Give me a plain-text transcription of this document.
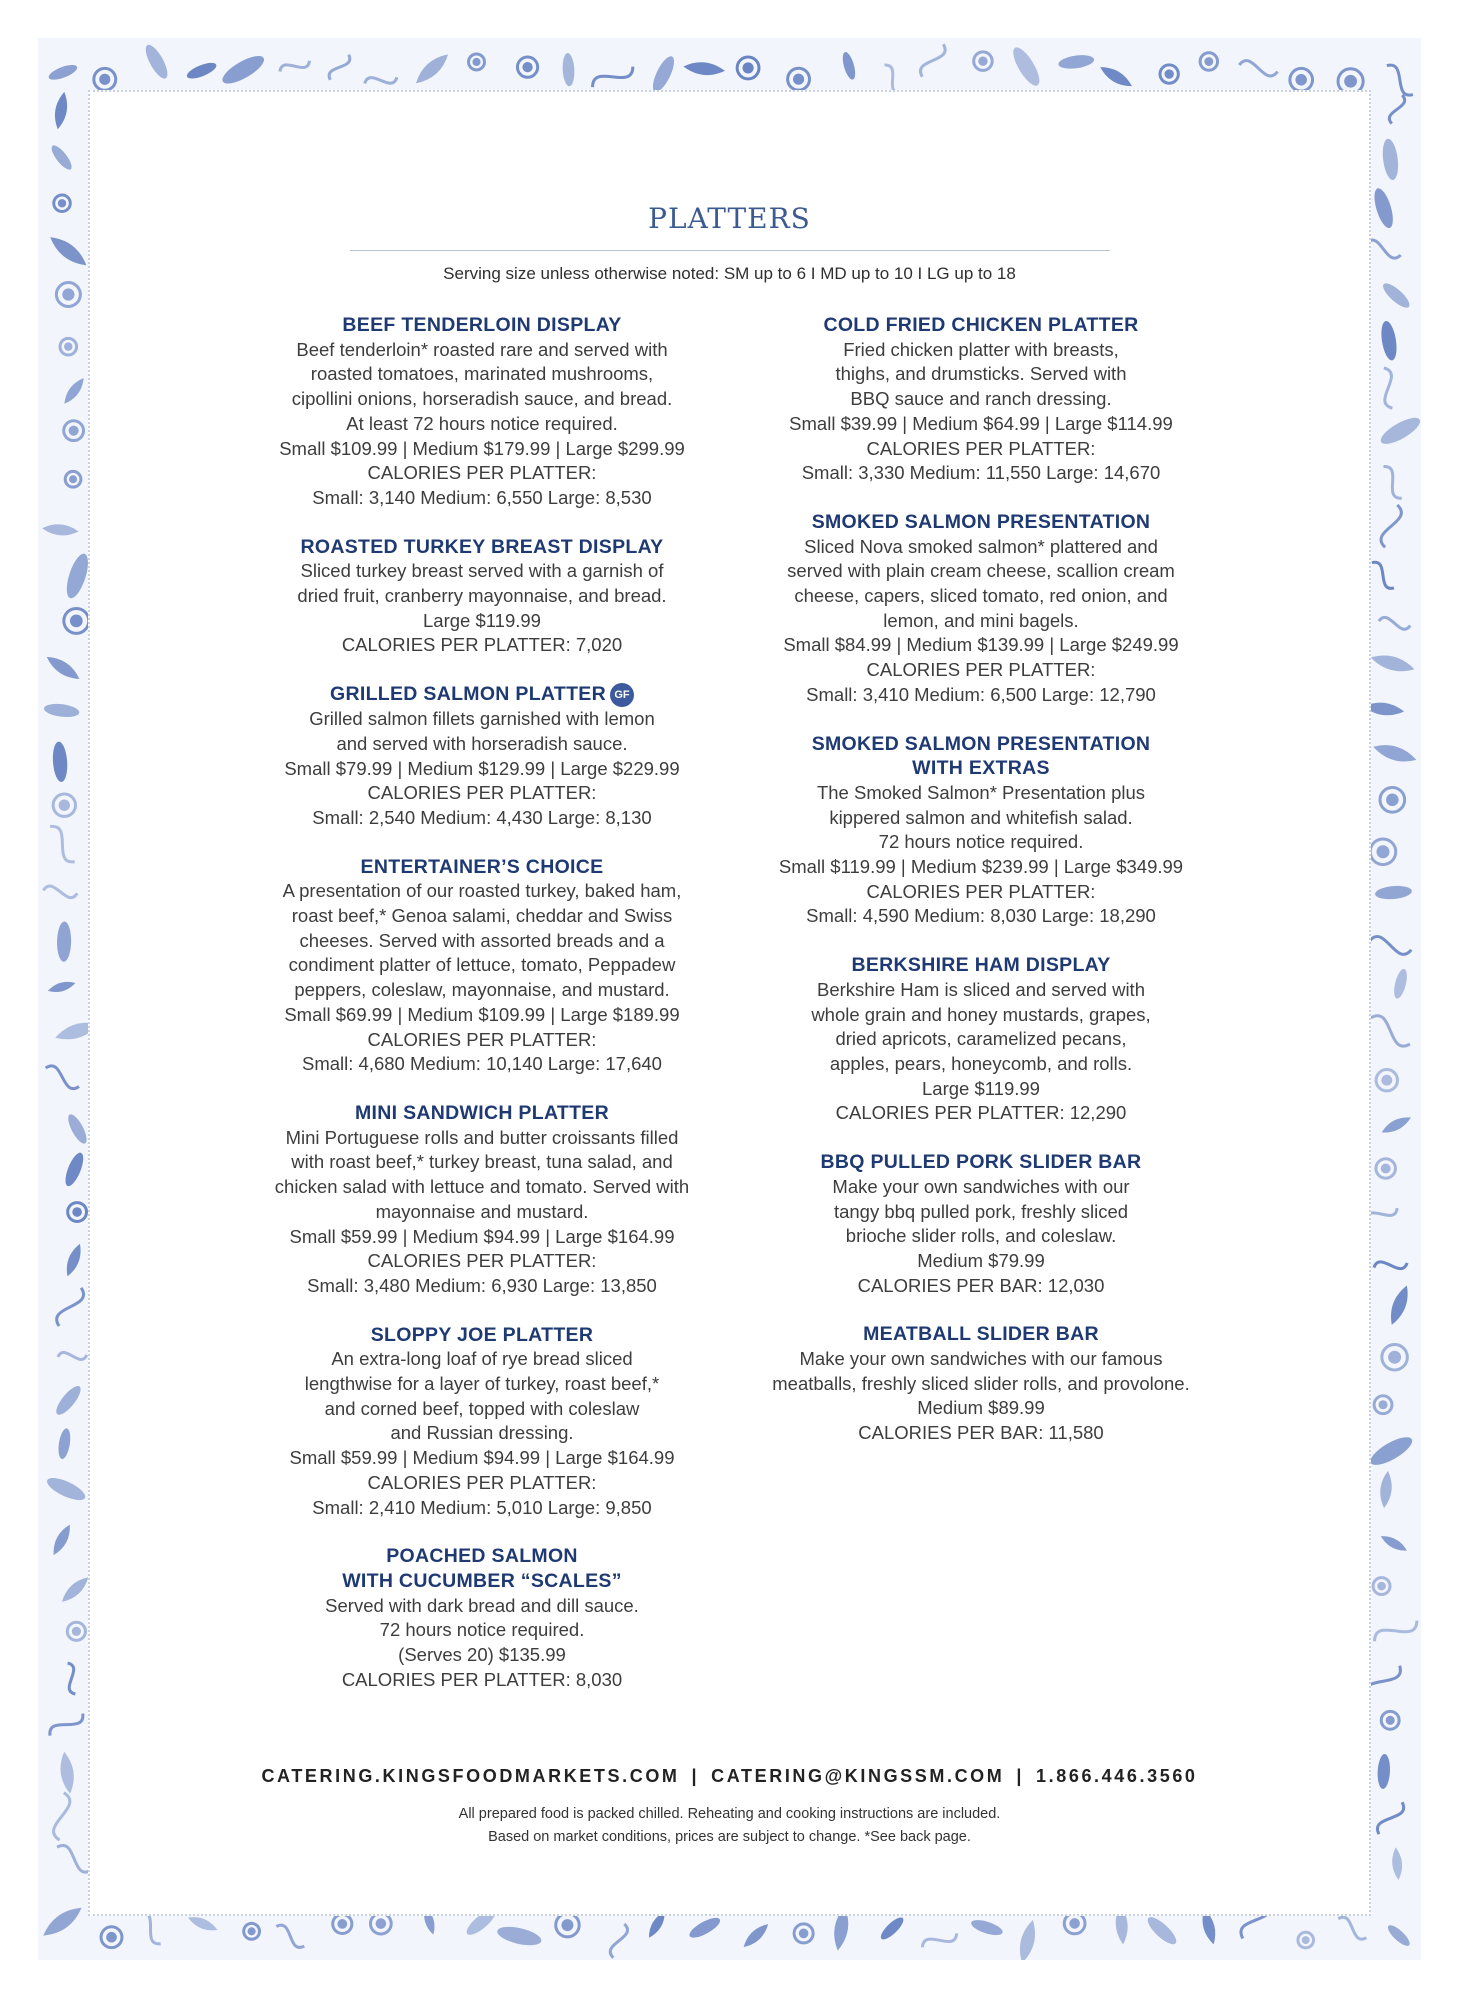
PLATTERS
Serving size unless otherwise noted: SM up to 6 I MD up to 10 I LG up to 18
BEEF TENDERLOIN DISPLAY
Beef tenderloin* roasted rare and served with
roasted tomatoes, marinated mushrooms,
cipollini onions, horseradish sauce, and bread.
At least 72 hours notice required.
Small $109.99 | Medium $179.99 | Large $299.99
CALORIES PER PLATTER:
Small: 3,140 Medium: 6,550 Large: 8,530
ROASTED TURKEY BREAST DISPLAY
Sliced turkey breast served with a garnish of
dried fruit, cranberry mayonnaise, and bread.
Large $119.99
CALORIES PER PLATTER: 7,020
GRILLED SALMON PLATTER GF
Grilled salmon fillets garnished with lemon
and served with horseradish sauce.
Small $79.99 | Medium $129.99 | Large $229.99
CALORIES PER PLATTER:
Small: 2,540 Medium: 4,430 Large: 8,130
ENTERTAINER’S CHOICE
A presentation of our roasted turkey, baked ham,
roast beef,* Genoa salami, cheddar and Swiss
cheeses. Served with assorted breads and a
condiment platter of lettuce, tomato, Peppadew
peppers, coleslaw, mayonnaise, and mustard.
Small $69.99 | Medium $109.99 | Large $189.99
CALORIES PER PLATTER:
Small: 4,680 Medium: 10,140 Large: 17,640
MINI SANDWICH PLATTER
Mini Portuguese rolls and butter croissants filled
with roast beef,* turkey breast, tuna salad, and
chicken salad with lettuce and tomato. Served with
mayonnaise and mustard.
Small $59.99 | Medium $94.99 | Large $164.99
CALORIES PER PLATTER:
Small: 3,480 Medium: 6,930 Large: 13,850
SLOPPY JOE PLATTER
An extra-long loaf of rye bread sliced
lengthwise for a layer of turkey, roast beef,*
and corned beef, topped with coleslaw
and Russian dressing.
Small $59.99 | Medium $94.99 | Large $164.99
CALORIES PER PLATTER:
Small: 2,410 Medium: 5,010 Large: 9,850
POACHED SALMON
WITH CUCUMBER “SCALES”
Served with dark bread and dill sauce.
72 hours notice required.
(Serves 20) $135.99
CALORIES PER PLATTER: 8,030
COLD FRIED CHICKEN PLATTER
Fried chicken platter with breasts,
thighs, and drumsticks. Served with
BBQ sauce and ranch dressing.
Small $39.99 | Medium $64.99 | Large $114.99
CALORIES PER PLATTER:
Small: 3,330 Medium: 11,550 Large: 14,670
SMOKED SALMON PRESENTATION
Sliced Nova smoked salmon* plattered and
served with plain cream cheese, scallion cream
cheese, capers, sliced tomato, red onion, and
lemon, and mini bagels.
Small $84.99 | Medium $139.99 | Large $249.99
CALORIES PER PLATTER:
Small: 3,410 Medium: 6,500 Large: 12,790
SMOKED SALMON PRESENTATION
WITH EXTRAS
The Smoked Salmon* Presentation plus
kippered salmon and whitefish salad.
72 hours notice required.
Small $119.99 | Medium $239.99 | Large $349.99
CALORIES PER PLATTER:
Small: 4,590 Medium: 8,030 Large: 18,290
BERKSHIRE HAM DISPLAY
Berkshire Ham is sliced and served with
whole grain and honey mustards, grapes,
dried apricots, caramelized pecans,
apples, pears, honeycomb, and rolls.
Large $119.99
CALORIES PER PLATTER: 12,290
BBQ PULLED PORK SLIDER BAR
Make your own sandwiches with our
tangy bbq pulled pork, freshly sliced
brioche slider rolls, and coleslaw.
Medium $79.99
CALORIES PER BAR: 12,030
MEATBALL SLIDER BAR
Make your own sandwiches with our famous
meatballs, freshly sliced slider rolls, and provolone.
Medium $89.99
CALORIES PER BAR: 11,580
CATERING.KINGSFOODMARKETS.COM | CATERING@KINGSSM.COM | 1.866.446.3560
All prepared food is packed chilled. Reheating and cooking instructions are included.
Based on market conditions, prices are subject to change. *See back page.
